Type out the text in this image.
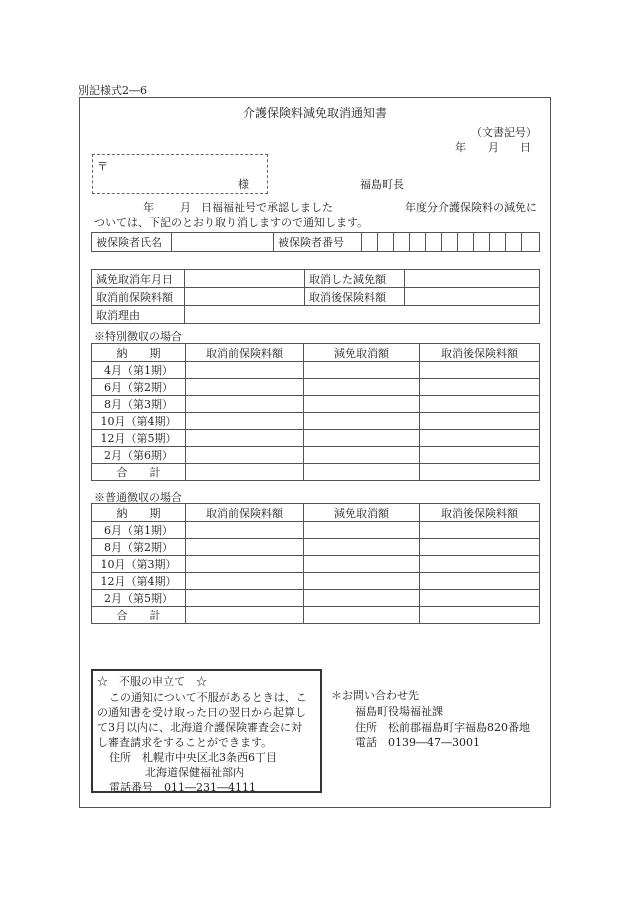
別記様式2―6
介護保険料減免取消通知書
（文書記号）
年 月 日
〒
様	福島町長
年 月 日福福祉号で承認しました	年度分介護保険料の減免に
ついては、下記のとおり取り消しますので通知します。
被保険者氏名		被保険者番号											
減免取消年月日		取消した減免額	
取消前保険料額		取消後保険料額	
取消理由			
※特別徴収の場合
納　　期	取消前保険料額	減免取消額	取消後保険料額
4月（第1期）			
6月（第2期）			
8月（第3期）			
10月（第4期）			
12月（第5期）			
2月（第6期）			
合　　計			
※普通徴収の場合
納　　期	取消前保険料額	減免取消額	取消後保険料額
6月（第1期）			
8月（第2期）			
10月（第3期）			
12月（第4期）			
2月（第5期）			
合　　計			
☆　不服の申立て　☆
この通知について不服があるときは、こ
の通知書を受け取った日の翌日から起算し
て3月以内に、北海道介護保険審査会に対
し審査請求をすることができます。
住所　札幌市中央区北3条西6丁目
北海道保健福祉部内
電話番号　011―231―4111
＊お問い合わせ先
福島町役場福祉課
住所　松前郡福島町字福島820番地
電話　0139―47―3001
